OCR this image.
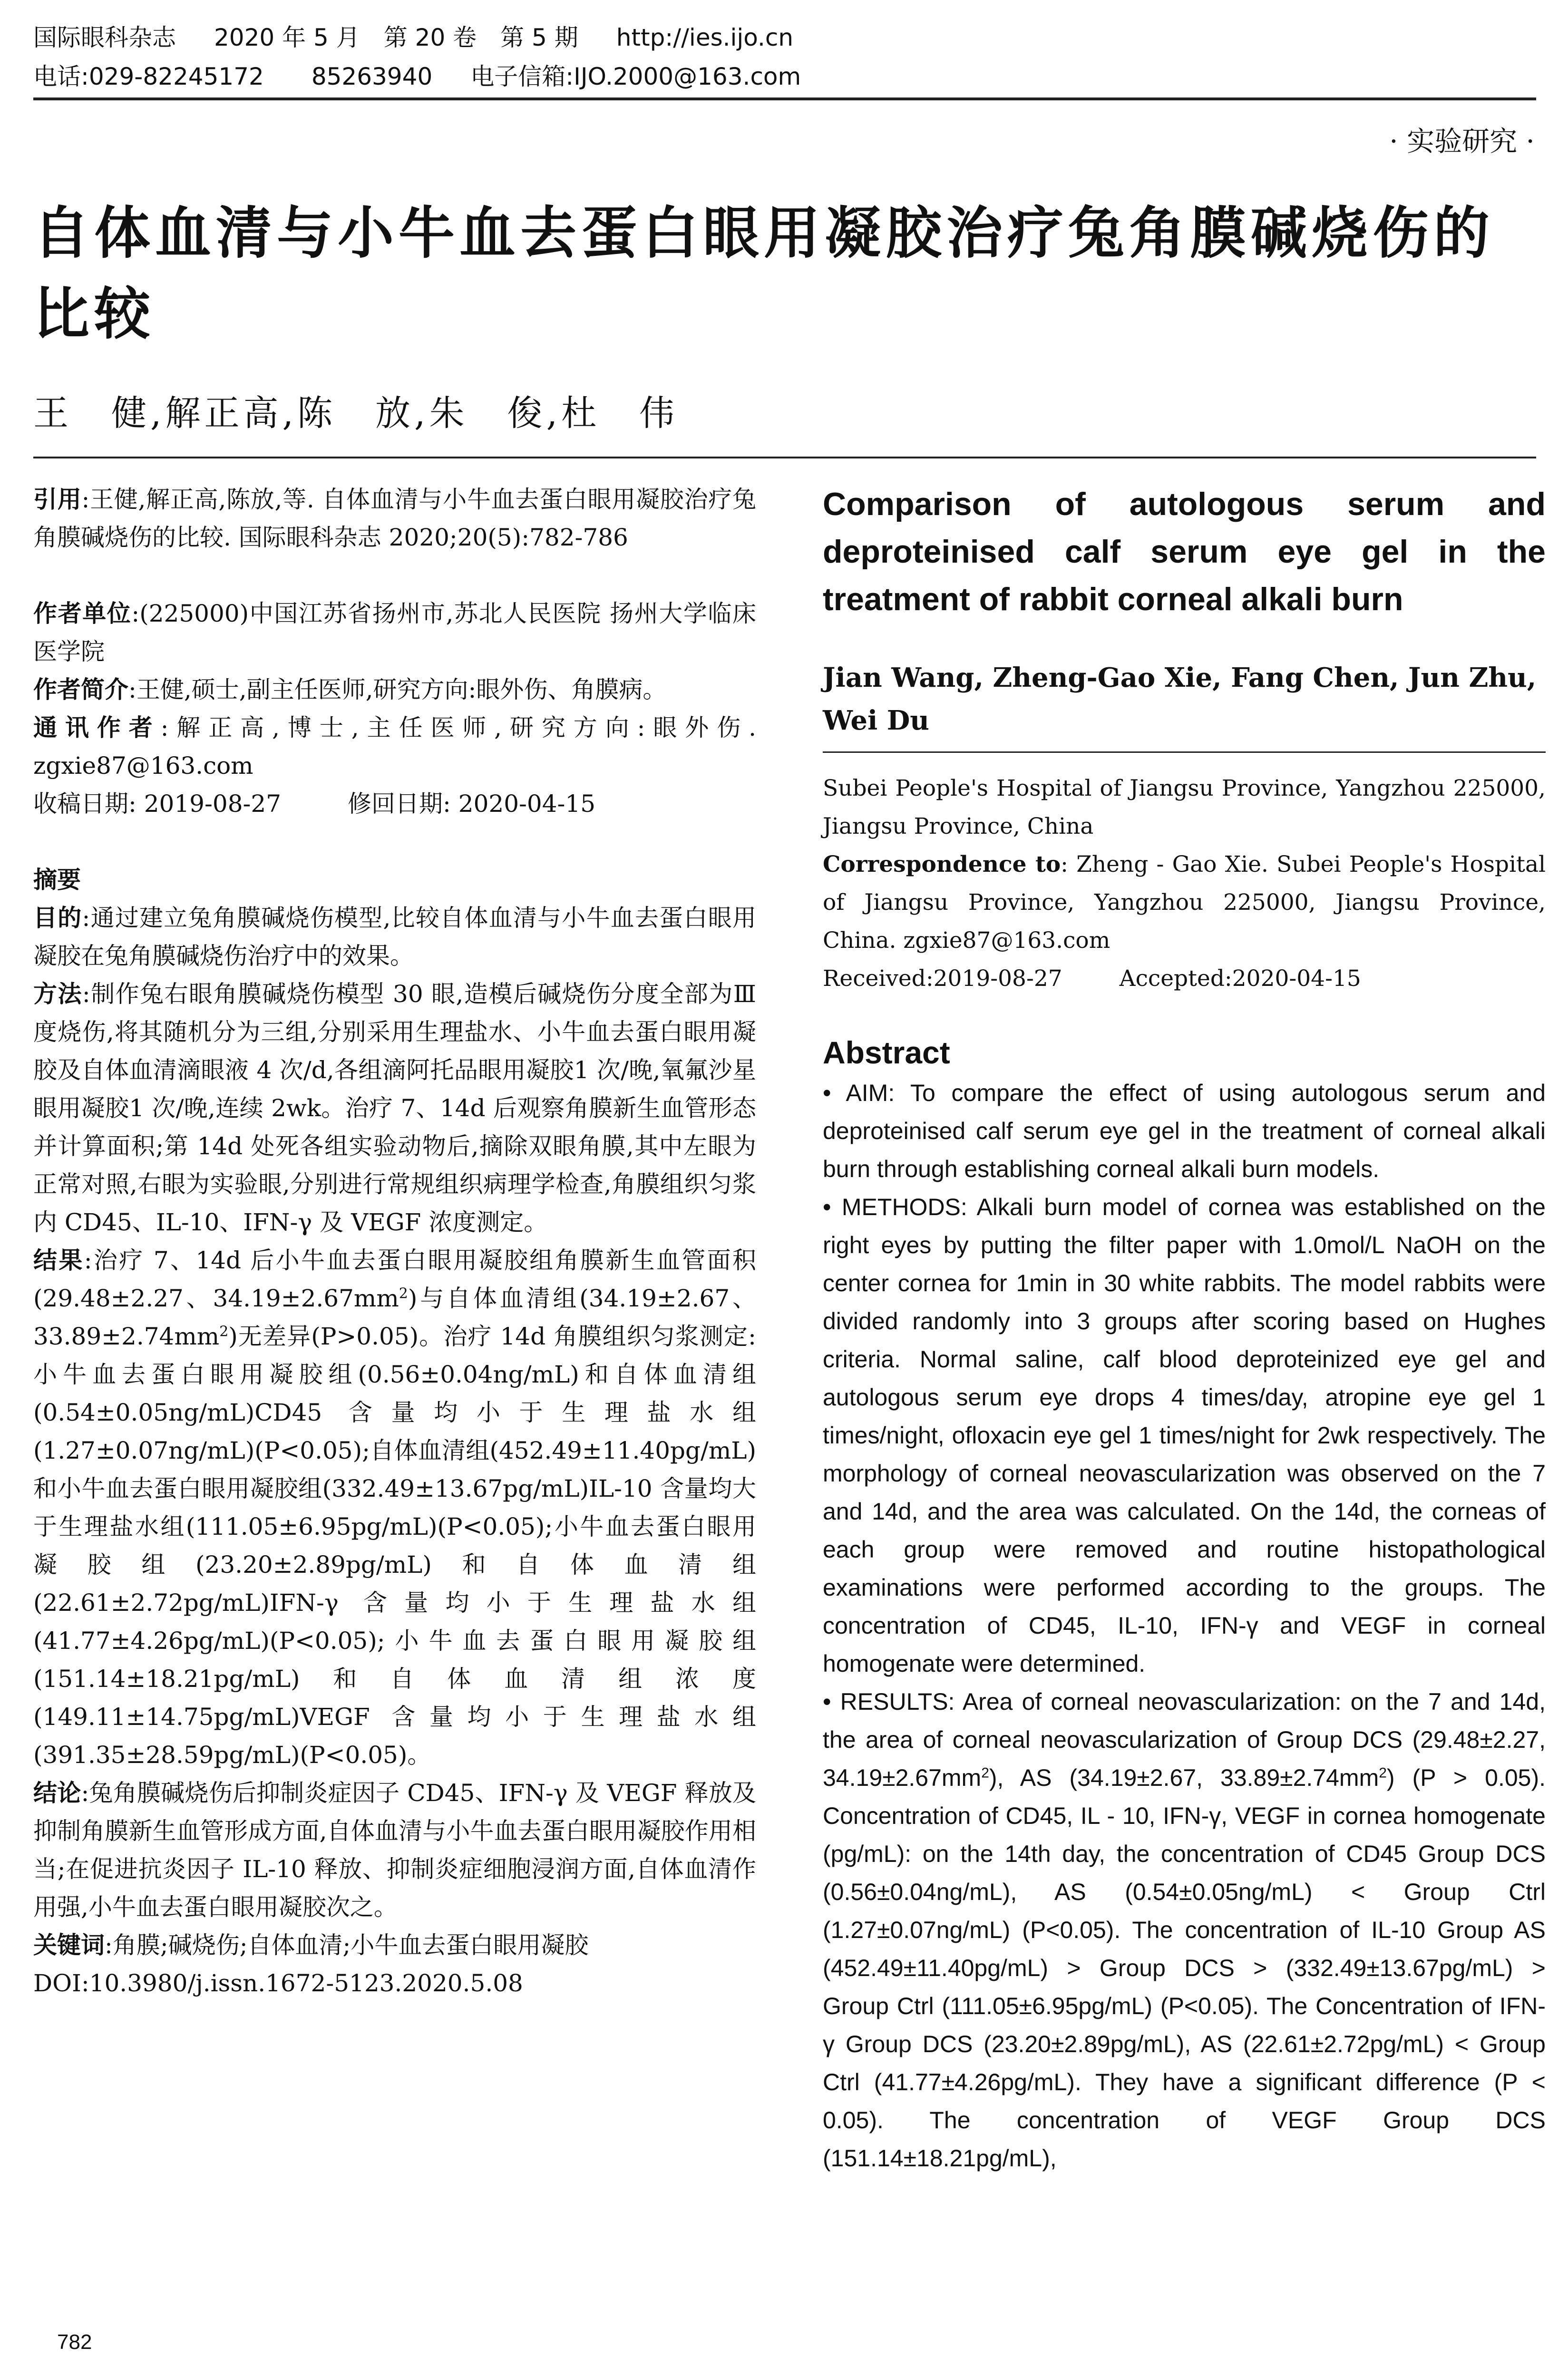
国际眼科杂志 2020 年 5 月　第 20 卷　第 5 期 http://ies.ijo.cn
电话:029-82245172　　85263940 电子信箱:IJO.2000@163.com
· 实验研究 ·
自体血清与小牛血去蛋白眼用凝胶治疗兔角膜碱烧伤的比较
王　健,解正高,陈　放,朱　俊,杜　伟

引用:王健,解正高,陈放,等. 自体血清与小牛血去蛋白眼用凝胶治疗兔角膜碱烧伤的比较. 国际眼科杂志 2020;20(5):782-786

作者单位:(225000)中国江苏省扬州市,苏北人民医院 扬州大学临床医学院

作者简介:王健,硕士,副主任医师,研究方向:眼外伤、角膜病。

通讯作者:解正高,博士,主任医师,研究方向:眼外伤. zgxie87@163.com

收稿日期: 2019-08-27	修回日期: 2020-04-15

摘要

目的:通过建立兔角膜碱烧伤模型,比较自体血清与小牛血去蛋白眼用凝胶在兔角膜碱烧伤治疗中的效果。

方法:制作兔右眼角膜碱烧伤模型 30 眼,造模后碱烧伤分度全部为Ⅲ度烧伤,将其随机分为三组,分别采用生理盐水、小牛血去蛋白眼用凝胶及自体血清滴眼液 4 次/d,各组滴阿托品眼用凝胶1 次/晚,氧氟沙星眼用凝胶1 次/晚,连续 2wk。治疗 7、14d 后观察角膜新生血管形态并计算面积;第 14d 处死各组实验动物后,摘除双眼角膜,其中左眼为正常对照,右眼为实验眼,分别进行常规组织病理学检查,角膜组织匀浆内 CD45、IL-10、IFN-γ 及 VEGF 浓度测定。

结果:治疗 7、14d 后小牛血去蛋白眼用凝胶组角膜新生血管面积(29.48±2.27、$34.19\pm 2.67mm^2$)与自体血清组(34.19±2.67、$33.89\pm 2.74mm^2$)无差异(P>0.05)。治疗 14d 角膜组织匀浆测定:小牛血去蛋白眼用凝胶组(0.56±0.04ng/mL)和自体血清组(0.54±0.05ng/mL)CD45 含量均小于生理盐水组(1.27±0.07ng/mL)(P<0.05);自体血清组(452.49±11.40pg/mL)和小牛血去蛋白眼用凝胶组(332.49±13.67pg/mL)IL-10 含量均大于生理盐水组(111.05±6.95pg/mL)(P<0.05);小牛血去蛋白眼用凝胶组(23.20±2.89pg/mL)和自体血清组(22.61±2.72pg/mL)IFN-γ 含量均小于生理盐水组(41.77±4.26pg/mL)(P<0.05);小牛血去蛋白眼用凝胶组(151.14±18.21pg/mL)和自体血清组浓度(149.11±14.75pg/mL)VEGF 含量均小于生理盐水组(391.35±28.59pg/mL)(P<0.05)。

结论:兔角膜碱烧伤后抑制炎症因子 CD45、IFN-γ 及 VEGF 释放及抑制角膜新生血管形成方面,自体血清与小牛血去蛋白眼用凝胶作用相当;在促进抗炎因子 IL-10 释放、抑制炎症细胞浸润方面,自体血清作用强,小牛血去蛋白眼用凝胶次之。

关键词:角膜;碱烧伤;自体血清;小牛血去蛋白眼用凝胶

DOI:10.3980/j.issn.1672-5123.2020.5.08

Comparison of autologous serum and deproteinised calf serum eye gel in the treatment of rabbit corneal alkali burn
Jian Wang, Zheng-Gao Xie, Fang Chen, Jun Zhu, Wei Du

Subei People's Hospital of Jiangsu Province, Yangzhou 225000, Jiangsu Province, China

Correspondence to: Zheng - Gao Xie. Subei People's Hospital of Jiangsu Province, Yangzhou 225000, Jiangsu Province, China. zgxie87@163.com

Received:2019-08-27	Accepted:2020-04-15
Abstract

• AIM: To compare the effect of using autologous serum and deproteinised calf serum eye gel in the treatment of corneal alkali burn through establishing corneal alkali burn models.

• METHODS: Alkali burn model of cornea was established on the right eyes by putting the filter paper with 1.0mol/L NaOH on the center cornea for 1min in 30 white rabbits. The model rabbits were divided randomly into 3 groups after scoring based on Hughes criteria. Normal saline, calf blood deproteinized eye gel and autologous serum eye drops 4 times/day, atropine eye gel 1 times/night, ofloxacin eye gel 1 times/night for 2wk respectively. The morphology of corneal neovascularization was observed on the 7 and 14d, and the area was calculated. On the 14d, the corneas of each group were removed and routine histopathological examinations were performed according to the groups. The concentration of CD45, IL-10, IFN-γ and VEGF in corneal homogenate were determined.

• RESULTS: Area of corneal neovascularization: on the 7 and 14d, the area of corneal neovascularization of Group DCS (29.48±2.27, $34.19\pm 2.67mm^2$), AS (34.19±2.67, $33.89\pm 2.74mm^2$) (P > 0.05). Concentration of CD45, IL - 10, IFN-γ, VEGF in cornea homogenate (pg/mL): on the 14th day, the concentration of CD45 Group DCS (0.56±0.04ng/mL), AS (0.54±0.05ng/mL) < Group Ctrl (1.27±0.07ng/mL) (P<0.05). The concentration of IL-10 Group AS (452.49±11.40pg/mL) > Group DCS > (332.49±13.67pg/mL) > Group Ctrl (111.05±6.95pg/mL) (P<0.05). The Concentration of IFN-γ Group DCS (23.20±2.89pg/mL), AS (22.61±2.72pg/mL) < Group Ctrl (41.77±4.26pg/mL). They have a significant difference (P < 0.05). The concentration of VEGF Group DCS (151.14±18.21pg/mL),

782
